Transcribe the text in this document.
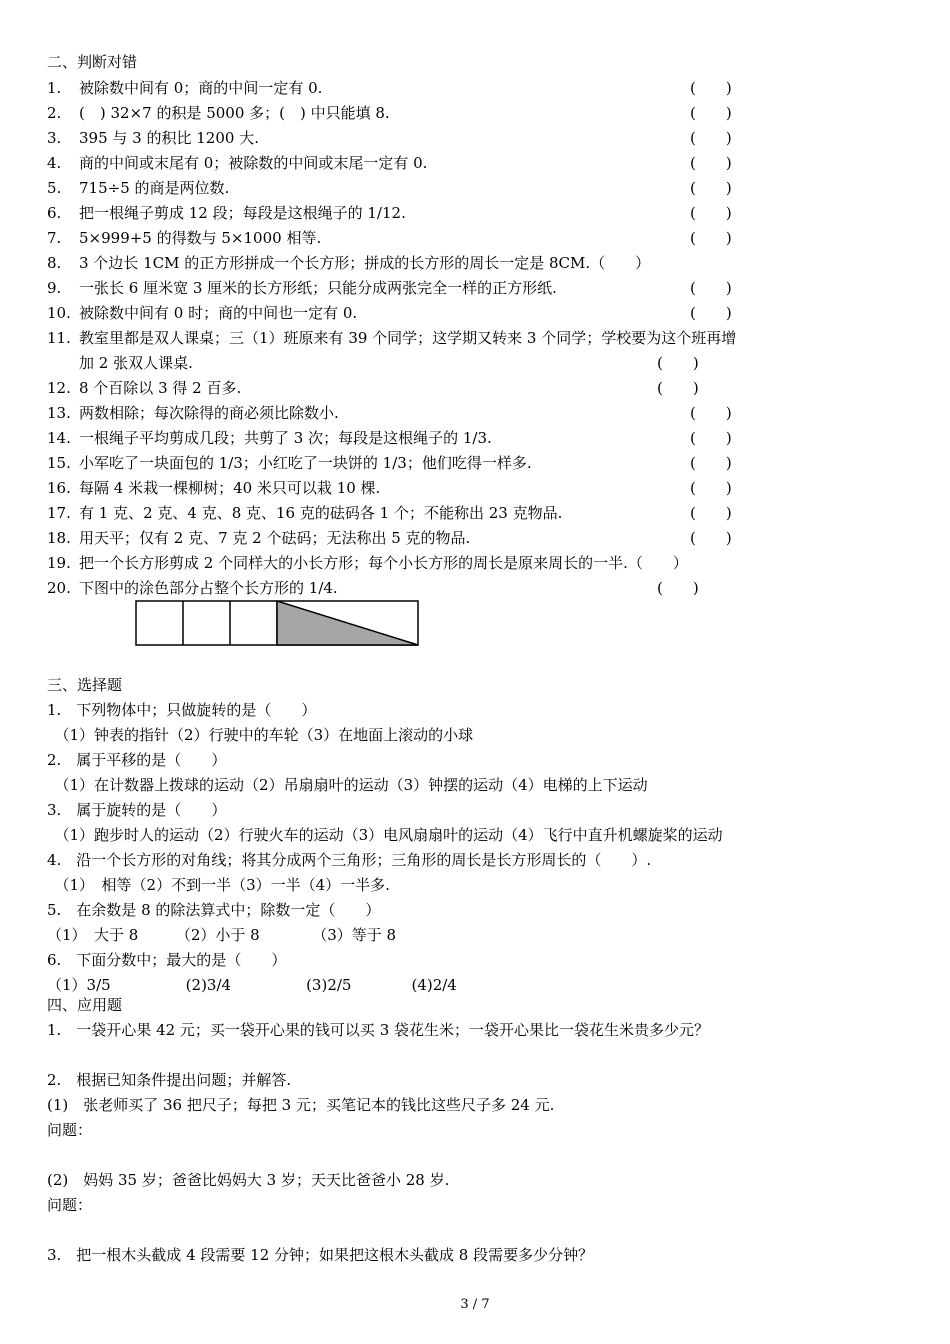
二、判断对错
1. 被除数中间有 0；商的中间一定有 0.	(　　)
2. (　) 32×7 的积是 5000 多；(　) 中只能填 8.	(　　)
3. 395 与 3 的积比 1200 大.	(　　)
4. 商的中间或末尾有 0；被除数的中间或末尾一定有 0.	(　　)
5. 715÷5 的商是两位数.	(　　)
6. 把一根绳子剪成 12 段；每段是这根绳子的 1/12.	(　　)
7. 5×999+5 的得数与 5×1000 相等.	(　　)
8. 3 个边长 1CM 的正方形拼成一个长方形；拼成的长方形的周长一定是 8CM.（　　）
9. 一张长 6 厘米宽 3 厘米的长方形纸；只能分成两张完全一样的正方形纸.	(　　)
10. 被除数中间有 0 时；商的中间也一定有 0.	(　　)
11. 教室里都是双人课桌；三（1）班原来有 39 个同学；这学期又转来 3 个同学；学校要为这个班再增
加 2 张双人课桌.	(　　)
12. 8 个百除以 3 得 2 百多.	(　　)
13. 两数相除；每次除得的商必须比除数小.	(　　)
14. 一根绳子平均剪成几段；共剪了 3 次；每段是这根绳子的 1/3.	(　　)
15. 小军吃了一块面包的 1/3；小红吃了一块饼的 1/3；他们吃得一样多.	(　　)
16. 每隔 4 米栽一棵柳树；40 米只可以栽 10 棵.	(　　)
17. 有 1 克、2 克、4 克、8 克、16 克的砝码各 1 个；不能称出 23 克物品.	(　　)
18. 用天平；仅有 2 克、7 克 2 个砝码；无法称出 5 克的物品.	(　　)
19. 把一个长方形剪成 2 个同样大的小长方形；每个小长方形的周长是原来周长的一半.（　　）
20. 下图中的涂色部分占整个长方形的 1/4.	(　　)
三、选择题
1.　下列物体中；只做旋转的是（　　）
　（1）钟表的指针（2）行驶中的车轮（3）在地面上滚动的小球
2.　属于平移的是（　　）
　（1）在计数器上拨球的运动（2）吊扇扇叶的运动（3）钟摆的运动（4）电梯的上下运动
3.　属于旋转的是（　　）
　（1）跑步时人的运动（2）行驶火车的运动（3）电风扇扇叶的运动（4）飞行中直升机螺旋桨的运动
4.　沿一个长方形的对角线；将其分成两个三角形；三角形的周长是长方形周长的（　　）.
　（1）　相等（2）不到一半（3）一半（4）一半多.
5.　在余数是 8 的除法算式中；除数一定（　　）
（1）　大于 8　　　（2）小于 8　　　　（3）等于 8
6.　下面分数中；最大的是（　　）
（1）3/5　　　　　(2)3/4　　　　　(3)2/5　　　　(4)2/4
四、应用题
1.　一袋开心果 42 元；买一袋开心果的钱可以买 3 袋花生米；一袋开心果比一袋花生米贵多少元？
2.　根据已知条件提出问题；并解答.
(1)　张老师买了 36 把尺子；每把 3 元；买笔记本的钱比这些尺子多 24 元.
问题：
(2)　妈妈 35 岁；爸爸比妈妈大 3 岁；天天比爸爸小 28 岁.
问题：
3.　把一根木头截成 4 段需要 12 分钟；如果把这根木头截成 8 段需要多少分钟？
3 / 7
